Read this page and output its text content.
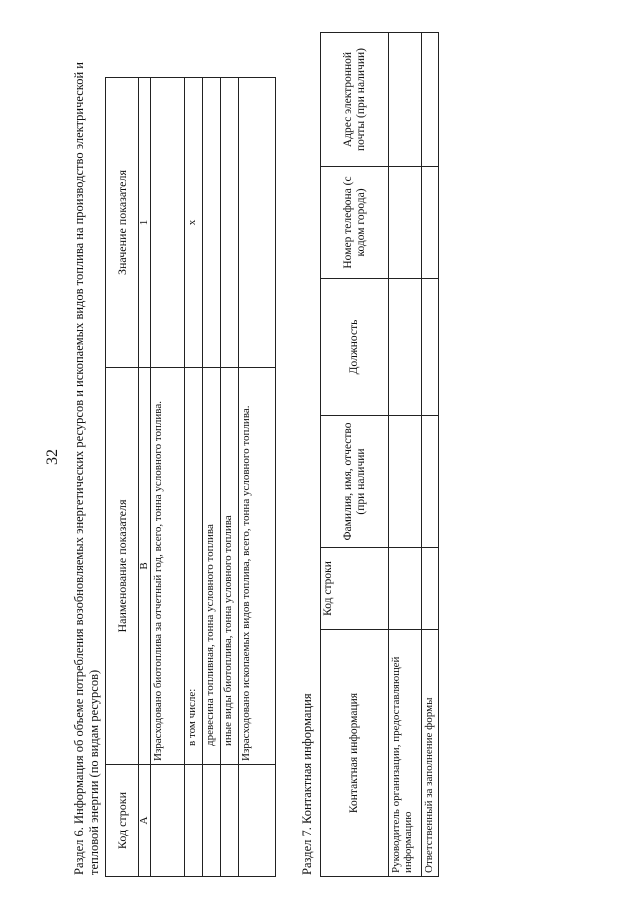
32 Раздел 6. Информация об объеме потребления возобновляемых энергетических ресурсов и ископаемых видов топлива на производство электрической и тепловой энергии (по видам ресурсов) Код строки	Наименование показателя	Значение показателя
А	В	1
	Израсходовано биотоплива за отчетный год, всего, тонна условного топлива.	
	в том числе:	x
	древесина топливная, тонна условного топлива	
	иные виды биотоплива, тонна условного топлива	
	Израсходовано ископаемых видов топлива, всего, тонна условного топлива.	
Раздел 7. Контактная информация	Контактная информация	Код строки	Фамилия, имя, отчество (при наличии	Должность	Номер телефона (с кодом города)	Адрес электронной почты (при наличии)
Руководитель организации, предоставляющей информацию					
Ответственный за заполнение формы					
